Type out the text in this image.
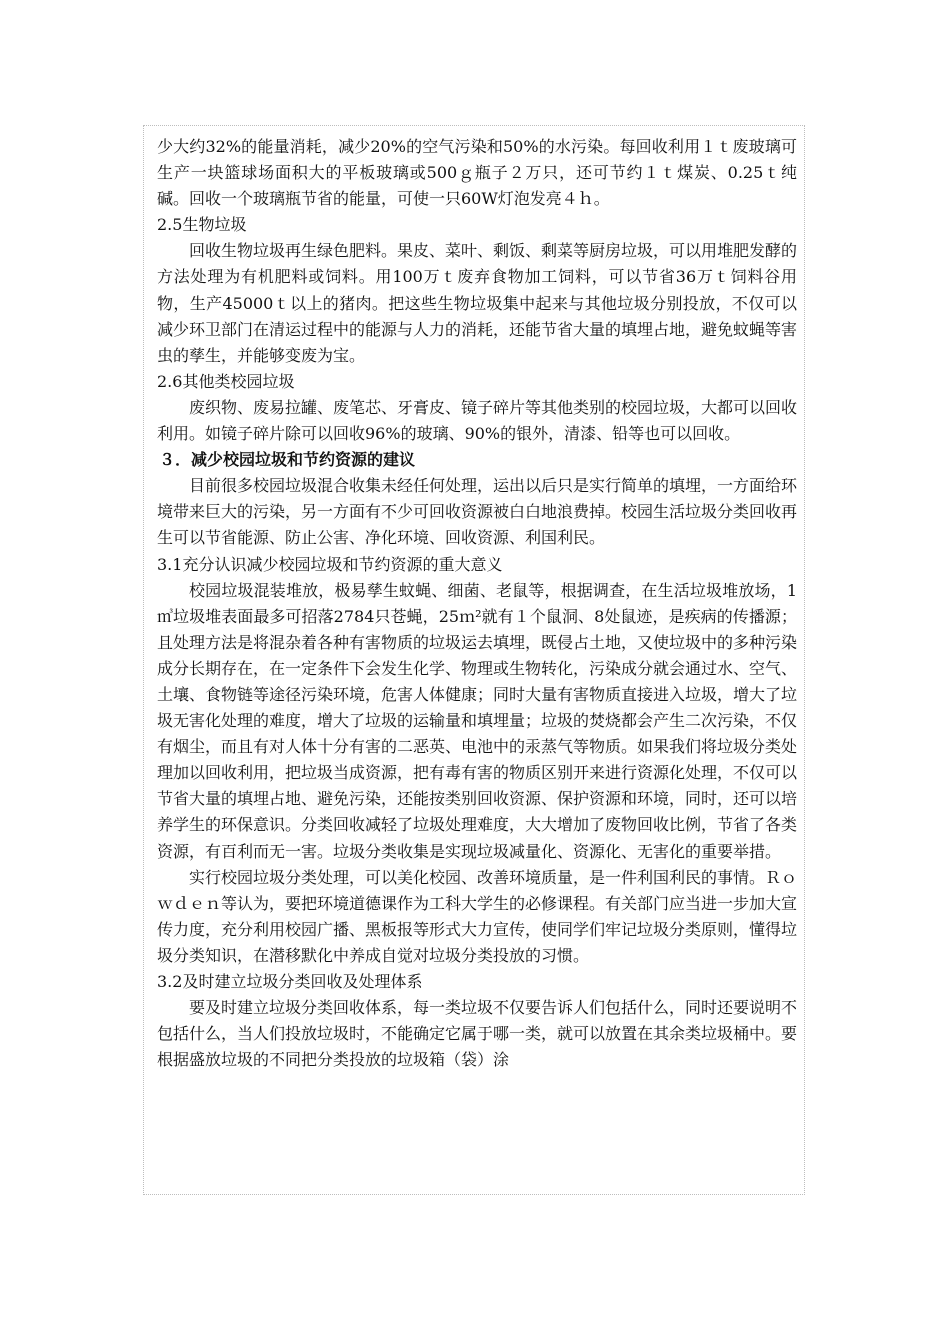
少大约32%的能量消耗，减少20%的空气污染和50%的水污染。每回收利用１ｔ废玻璃可生产一块篮球场面积大的平板玻璃或500ｇ瓶子２万只，还可节约１ｔ煤炭、0.25ｔ纯碱。回收一个玻璃瓶节省的能量，可使一只60W灯泡发亮４ｈ。

2.5生物垃圾

回收生物垃圾再生绿色肥料。果皮、菜叶、剩饭、剩菜等厨房垃圾，可以用堆肥发酵的方法处理为有机肥料或饲料。用100万ｔ废弃食物加工饲料，可以节省36万ｔ饲料谷用物，生产45000ｔ以上的猪肉。把这些生物垃圾集中起来与其他垃圾分别投放，不仅可以减少环卫部门在清运过程中的能源与人力的消耗，还能节省大量的填埋占地，避免蚊蝇等害虫的孳生，并能够变废为宝。

2.6其他类校园垃圾

废织物、废易拉罐、废笔芯、牙膏皮、镜子碎片等其他类别的校园垃圾，大都可以回收利用。如镜子碎片除可以回收96%的玻璃、90%的银外，清漆、铅等也可以回收。

３．减少校园垃圾和节约资源的建议

目前很多校园垃圾混合收集未经任何处理，运出以后只是实行简单的填埋，一方面给环境带来巨大的污染，另一方面有不少可回收资源被白白地浪费掉。校园生活垃圾分类回收再生可以节省能源、防止公害、净化环境、回收资源、利国利民。

3.1充分认识减少校园垃圾和节约资源的重大意义

校园垃圾混装堆放，极易孳生蚊蝇、细菌、老鼠等，根据调查，在生活垃圾堆放场，1㎥垃圾堆表面最多可招落2784只苍蝇，25ｍ²就有１个鼠洞、8处鼠迹，是疾病的传播源；且处理方法是将混杂着各种有害物质的垃圾运去填埋，既侵占土地，又使垃圾中的多种污染成分长期存在，在一定条件下会发生化学、物理或生物转化，污染成分就会通过水、空气、土壤、食物链等途径污染环境，危害人体健康；同时大量有害物质直接进入垃圾，增大了垃圾无害化处理的难度，增大了垃圾的运输量和填埋量；垃圾的焚烧都会产生二次污染，不仅有烟尘，而且有对人体十分有害的二恶英、电池中的汞蒸气等物质。如果我们将垃圾分类处理加以回收利用，把垃圾当成资源，把有毒有害的物质区别开来进行资源化处理，不仅可以节省大量的填埋占地、避免污染，还能按类别回收资源、保护资源和环境，同时，还可以培养学生的环保意识。分类回收减轻了垃圾处理难度，大大增加了废物回收比例，节省了各类资源，有百利而无一害。垃圾分类收集是实现垃圾减量化、资源化、无害化的重要举措。

实行校园垃圾分类处理，可以美化校园、改善环境质量，是一件利国利民的事情。Ｒｏｗｄｅｎ等认为，要把环境道德课作为工科大学生的必修课程。有关部门应当进一步加大宣传力度，充分利用校园广播、黑板报等形式大力宣传，使同学们牢记垃圾分类原则，懂得垃圾分类知识，在潜移默化中养成自觉对垃圾分类投放的习惯。

3.2及时建立垃圾分类回收及处理体系

要及时建立垃圾分类回收体系，每一类垃圾不仅要告诉人们包括什么，同时还要说明不包括什么，当人们投放垃圾时，不能确定它属于哪一类，就可以放置在其余类垃圾桶中。要根据盛放垃圾的不同把分类投放的垃圾箱（袋）涂
